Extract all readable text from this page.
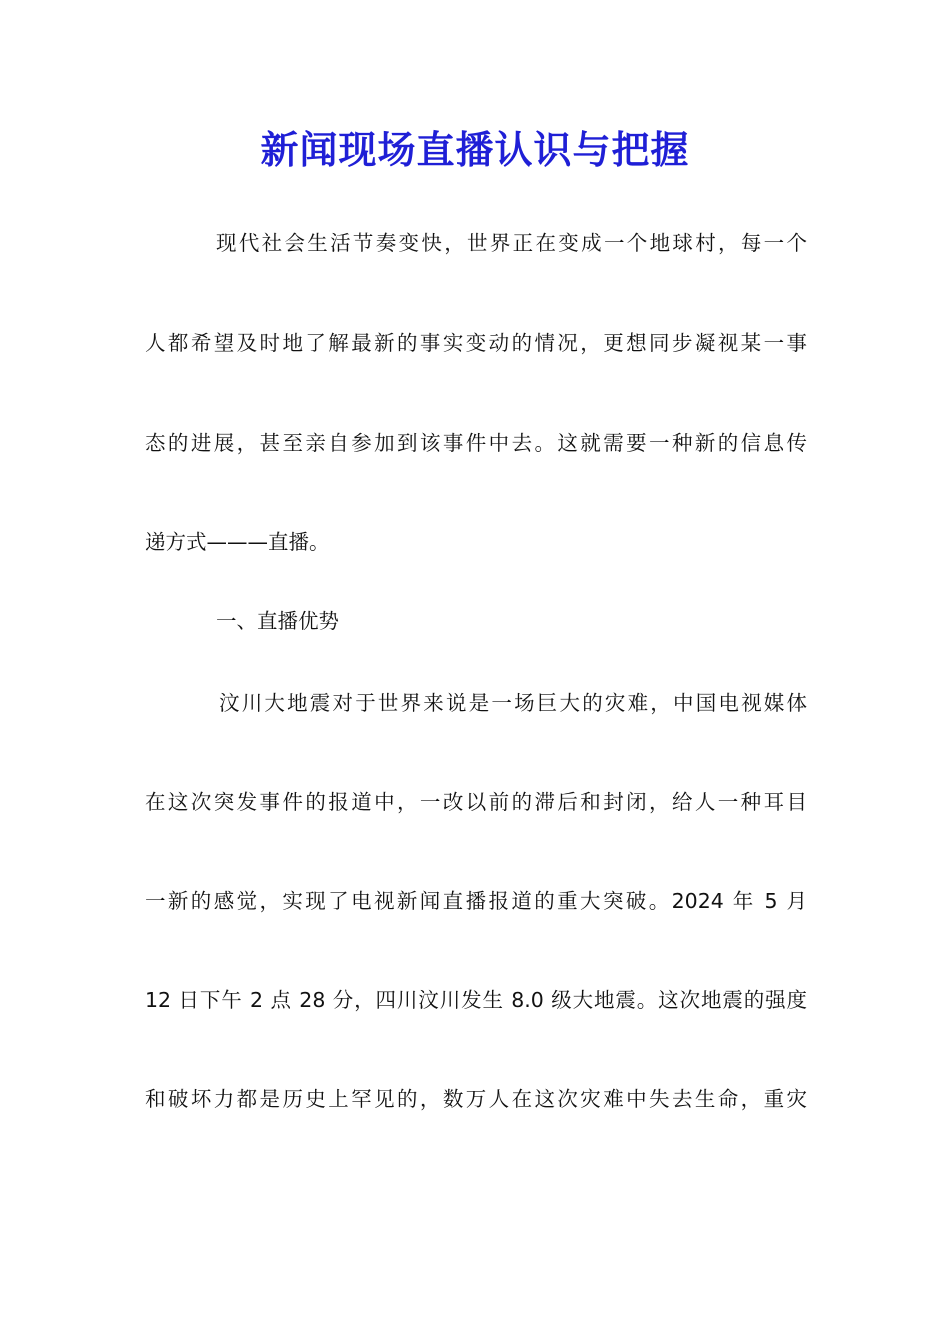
新闻现场直播认识与把握
现代社会生活节奏变快，世界正在变成一个地球村，每一个
人都希望及时地了解最新的事实变动的情况，更想同步凝视某一事
态的进展，甚至亲自参加到该事件中去。这就需要一种新的信息传
递方式———直播。
一、直播优势
汶川大地震对于世界来说是一场巨大的灾难，中国电视媒体
在这次突发事件的报道中，一改以前的滞后和封闭，给人一种耳目
一新的感觉，实现了电视新闻直播报道的重大突破。2024 年 5 月
12 日下午 2 点 28 分，四川汶川发生 8.0 级大地震。这次地震的强度
和破坏力都是历史上罕见的，数万人在这次灾难中失去生命，重灾
